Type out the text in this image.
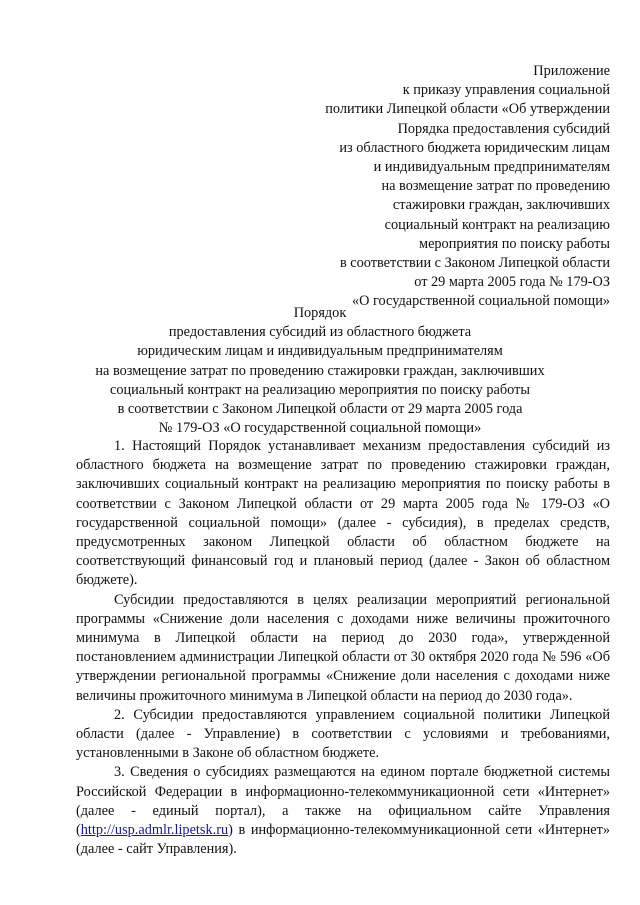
Приложение
к приказу управления социальной
политики Липецкой области «Об утверждении
Порядка предоставления субсидий
из областного бюджета юридическим лицам
и индивидуальным предпринимателям
на возмещение затрат по проведению
стажировки граждан, заключивших
социальный контракт на реализацию
мероприятия по поиску работы
в соответствии с Законом Липецкой области
от 29 марта 2005 года № 179-ОЗ
«О государственной социальной помощи»
Порядок
предоставления субсидий из областного бюджета
юридическим лицам и индивидуальным предпринимателям
на возмещение затрат по проведению стажировки граждан, заключивших
социальный контракт на реализацию мероприятия по поиску работы
в соответствии с Законом Липецкой области от 29 марта 2005 года
№ 179-ОЗ «О государственной социальной помощи»

1. Настоящий Порядок устанавливает механизм предоставления субсидий из областного бюджета на возмещение затрат по проведению стажировки граждан, заключивших социальный контракт на реализацию мероприятия по поиску работы в соответствии с Законом Липецкой области от 29 марта 2005 года № 179-ОЗ «О государственной социальной помощи» (далее - субсидия), в пределах средств, предусмотренных законом Липецкой области об областном бюджете на соответствующий финансовый год и плановый период (далее - Закон об областном бюджете).

Субсидии предоставляются в целях реализации мероприятий региональной программы «Снижение доли населения с доходами ниже величины прожиточного минимума в Липецкой области на период до 2030 года», утвержденной постановлением администрации Липецкой области от 30 октября 2020 года № 596 «Об утверждении региональной программы «Снижение доли населения с доходами ниже величины прожиточного минимума в Липецкой области на период до 2030 года».

2. Субсидии предоставляются управлением социальной политики Липецкой области (далее - Управление) в соответствии с условиями и требованиями, установленными в Законе об областном бюджете.

3. Сведения о субсидиях размещаются на едином портале бюджетной системы Российской Федерации в информационно-телекоммуникационной сети «Интернет» (далее - единый портал), а также на официальном сайте Управления (http://usp.admlr.lipetsk.ru) в информационно-телекоммуникационной сети «Интернет» (далее - сайт Управления).
